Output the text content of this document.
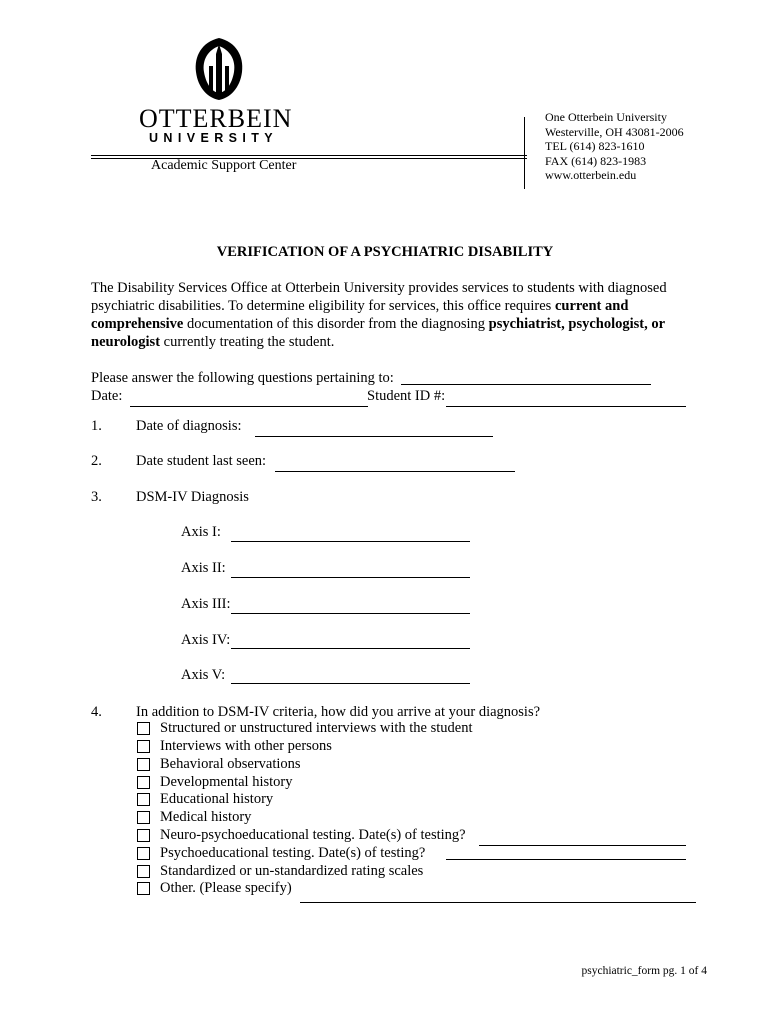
OTTERBEIN
UNIVERSITY
Academic Support Center
One Otterbein University
Westerville, OH 43081-2006
TEL (614) 823-1610
FAX (614) 823-1983
www.otterbein.edu
VERIFICATION OF A PSYCHIATRIC DISABILITY
The Disability Services Office at Otterbein University provides services to students with diagnosed psychiatric disabilities. To determine eligibility for services, this office requires current and comprehensive documentation of this disorder from the diagnosing psychiatrist, psychologist, or neurologist currently treating the student.
Please answer the following questions pertaining to:
Date:	Student ID #:
1. Date of diagnosis:
2. Date student last seen:
3. DSM-IV Diagnosis
Axis I:
Axis II:
Axis III:
Axis IV:
Axis V:
4. In addition to DSM-IV criteria, how did you arrive at your diagnosis?
Structured or unstructured interviews with the student
Interviews with other persons
Behavioral observations
Developmental history
Educational history
Medical history
Neuro-psychoeducational testing. Date(s) of testing?
Psychoeducational testing. Date(s) of testing?
Standardized or un-standardized rating scales
Other. (Please specify)
psychiatric_form pg. 1 of 4
